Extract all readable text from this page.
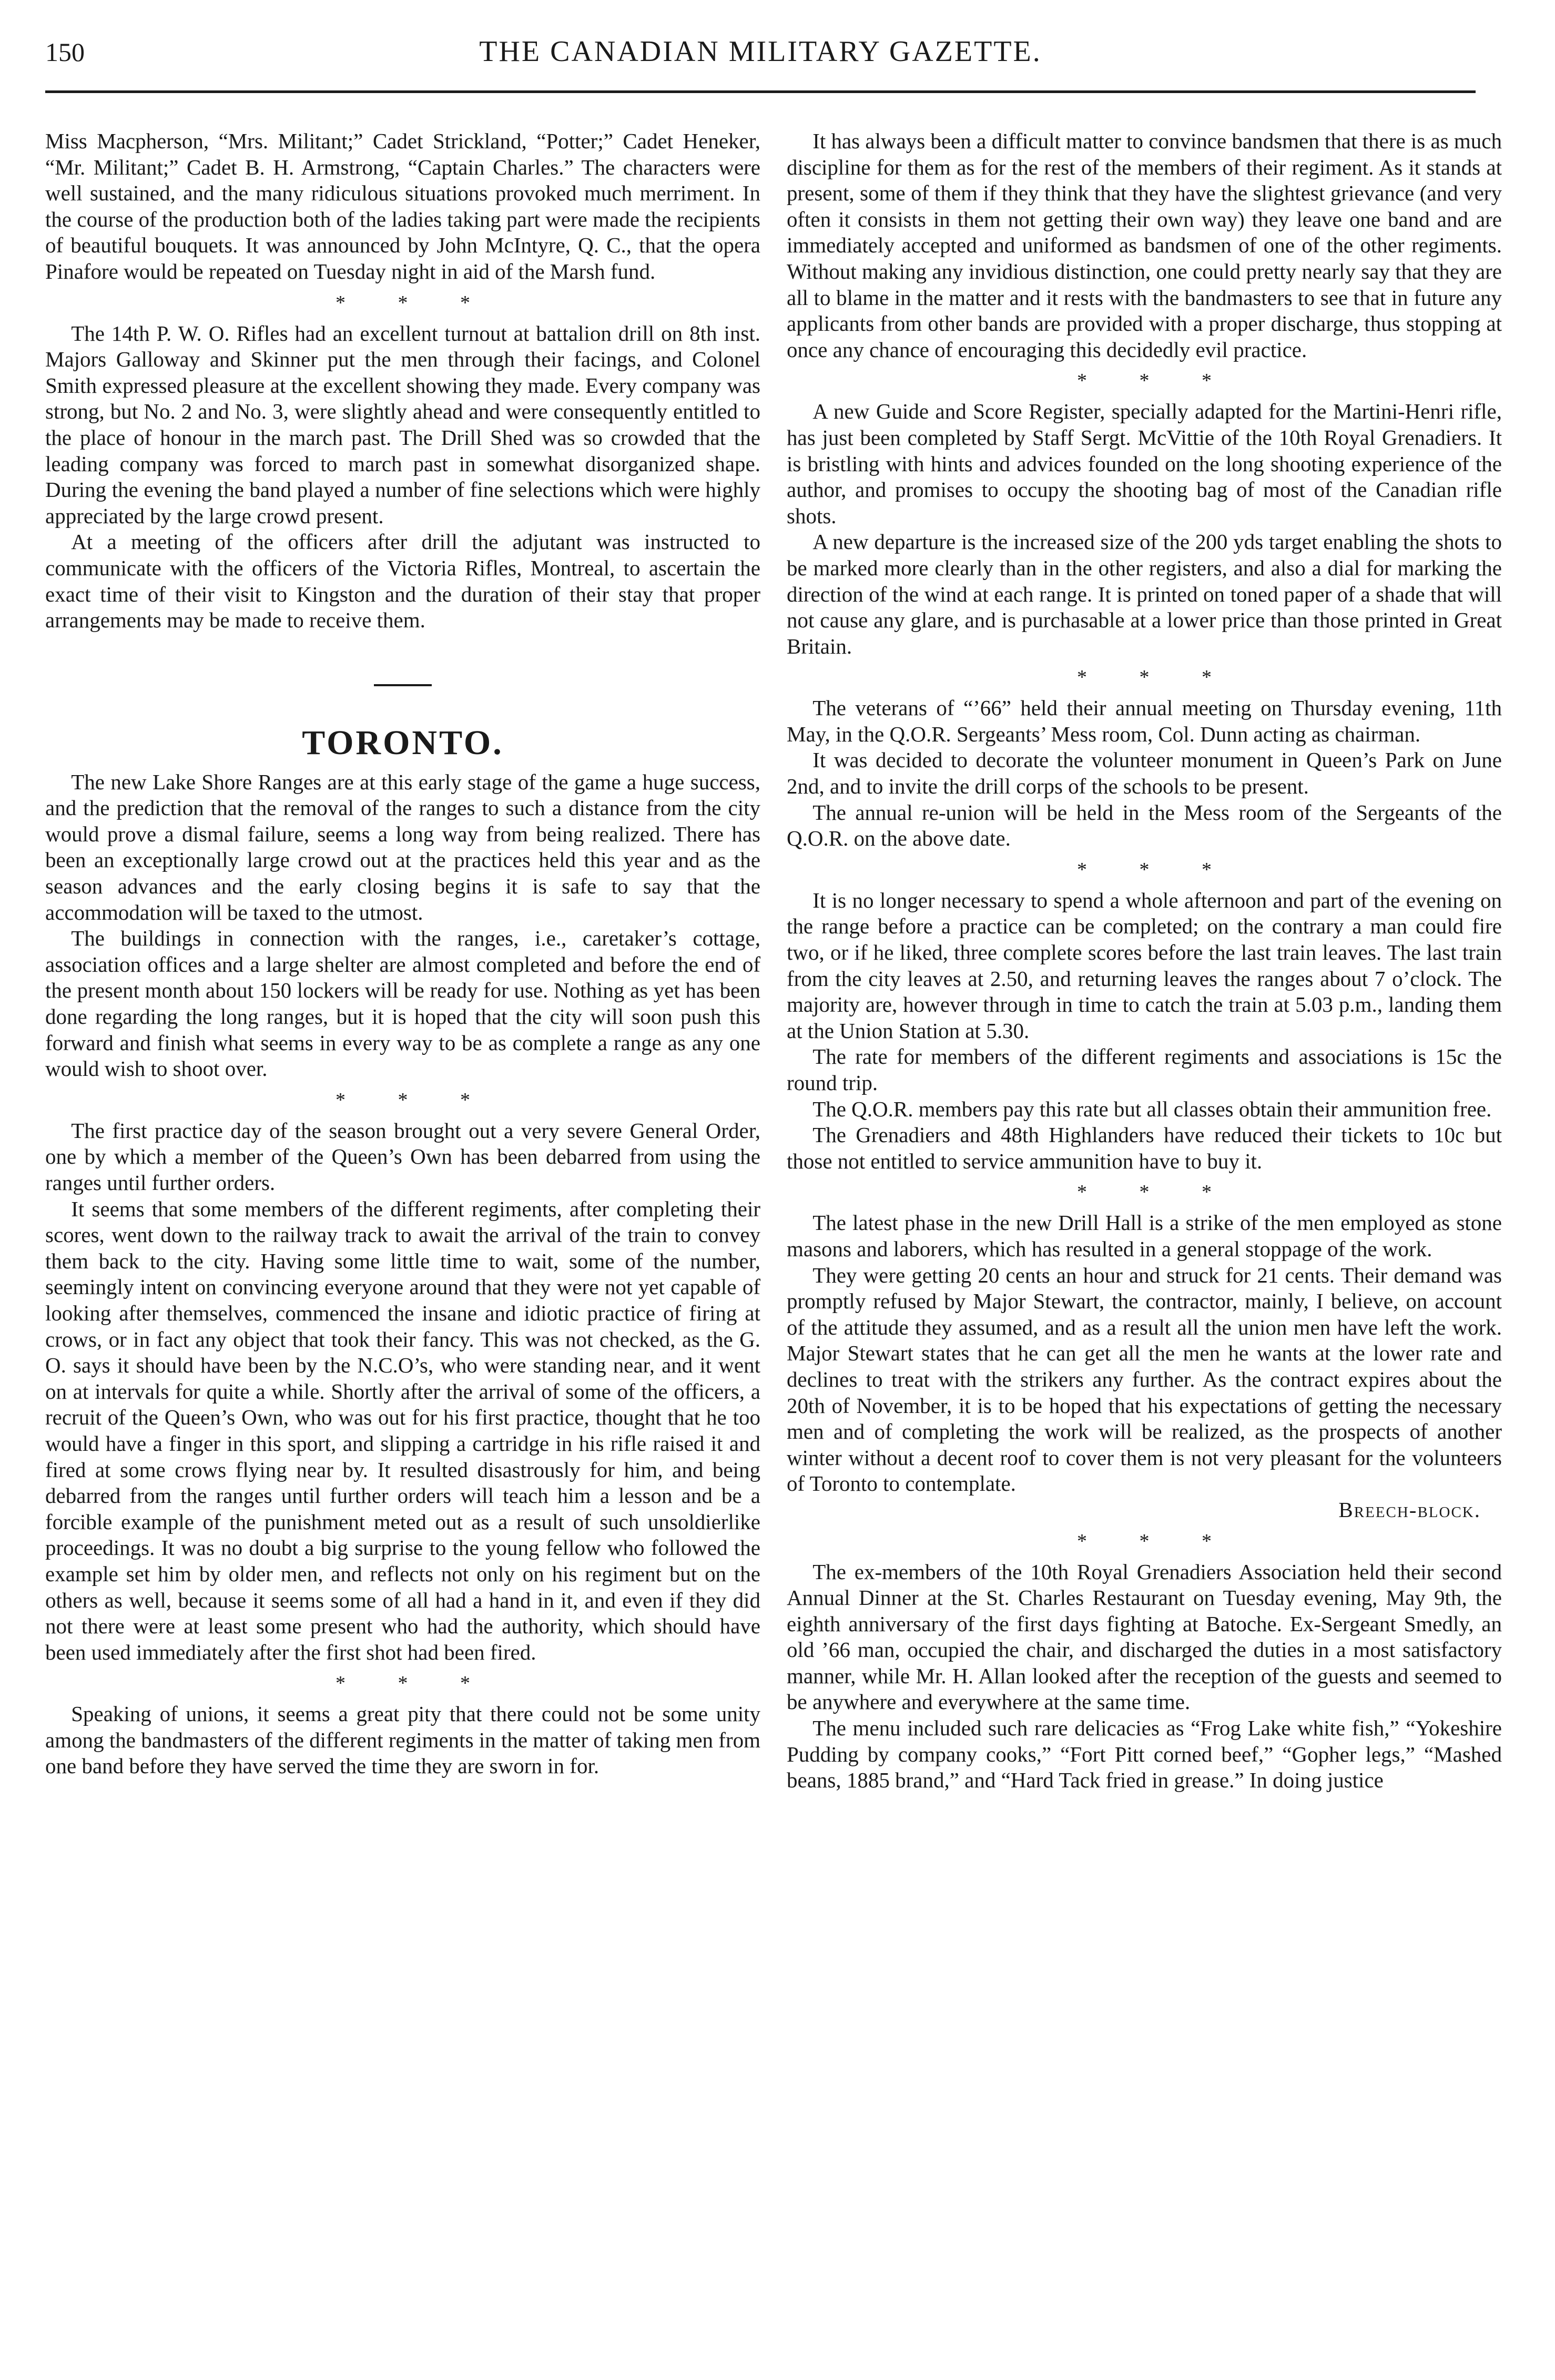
150	THE CANADIAN MILITARY GAZETTE.

Miss Macpherson, “Mrs. Militant;” Cadet Strickland, “Potter;” Cadet Heneker, “Mr. Militant;” Cadet B. H. Armstrong, “Captain Charles.” The characters were well sustained, and the many ridiculous situations provoked much merriment. In the course of the production both of the ladies taking part were made the recipients of beautiful bouquets. It was announced by John McIntyre, Q. C., that the opera Pinafore would be repeated on Tuesday night in aid of the Marsh fund.

* * *

The 14th P. W. O. Rifles had an excellent turnout at battalion drill on 8th inst. Majors Galloway and Skinner put the men through their facings, and Colonel Smith expressed pleasure at the excellent showing they made. Every company was strong, but No. 2 and No. 3, were slightly ahead and were consequently entitled to the place of honour in the march past. The Drill Shed was so crowded that the leading company was forced to march past in somewhat disorganized shape. During the evening the band played a number of fine selections which were highly appreciated by the large crowd present.

At a meeting of the officers after drill the adjutant was instructed to communicate with the officers of the Victoria Rifles, Montreal, to ascertain the exact time of their visit to Kingston and the duration of their stay that proper arrangements may be made to receive them.

TORONTO.

The new Lake Shore Ranges are at this early stage of the game a huge success, and the prediction that the removal of the ranges to such a distance from the city would prove a dismal failure, seems a long way from being realized. There has been an exceptionally large crowd out at the practices held this year and as the season advances and the early closing begins it is safe to say that the accommodation will be taxed to the utmost.

The buildings in connection with the ranges, i.e., caretaker’s cottage, association offices and a large shelter are almost completed and before the end of the present month about 150 lockers will be ready for use. Nothing as yet has been done regarding the long ranges, but it is hoped that the city will soon push this forward and finish what seems in every way to be as complete a range as any one would wish to shoot over.

* * *

The first practice day of the season brought out a very severe General Order, one by which a member of the Queen’s Own has been debarred from using the ranges until further orders.

It seems that some members of the different regiments, after completing their scores, went down to the railway track to await the arrival of the train to convey them back to the city. Having some little time to wait, some of the number, seemingly intent on convincing everyone around that they were not yet capable of looking after themselves, commenced the insane and idiotic practice of firing at crows, or in fact any object that took their fancy. This was not checked, as the G. O. says it should have been by the N.C.O’s, who were standing near, and it went on at intervals for quite a while. Shortly after the arrival of some of the officers, a recruit of the Queen’s Own, who was out for his first practice, thought that he too would have a finger in this sport, and slipping a cartridge in his rifle raised it and fired at some crows flying near by. It resulted disastrously for him, and being debarred from the ranges until further orders will teach him a lesson and be a forcible example of the punishment meted out as a result of such unsoldierlike proceedings. It was no doubt a big surprise to the young fellow who followed the example set him by older men, and reflects not only on his regiment but on the others as well, because it seems some of all had a hand in it, and even if they did not there were at least some present who had the authority, which should have been used immediately after the first shot had been fired.

* * *

Speaking of unions, it seems a great pity that there could not be some unity among the bandmasters of the different regiments in the matter of taking men from one band before they have served the time they are sworn in for.

It has always been a difficult matter to convince bandsmen that there is as much discipline for them as for the rest of the members of their regiment. As it stands at present, some of them if they think that they have the slightest grievance (and very often it consists in them not getting their own way) they leave one band and are immediately accepted and uniformed as bandsmen of one of the other regiments. Without making any invidious distinction, one could pretty nearly say that they are all to blame in the matter and it rests with the bandmasters to see that in future any applicants from other bands are provided with a proper discharge, thus stopping at once any chance of encouraging this decidedly evil practice.

* * *

A new Guide and Score Register, specially adapted for the Martini-Henri rifle, has just been completed by Staff Sergt. McVittie of the 10th Royal Grenadiers. It is bristling with hints and advices founded on the long shooting experience of the author, and promises to occupy the shooting bag of most of the Canadian rifle shots.

A new departure is the increased size of the 200 yds target enabling the shots to be marked more clearly than in the other registers, and also a dial for marking the direction of the wind at each range. It is printed on toned paper of a shade that will not cause any glare, and is purchasable at a lower price than those printed in Great Britain.

* * *

The veterans of “’66” held their annual meeting on Thursday evening, 11th May, in the Q.O.R. Sergeants’ Mess room, Col. Dunn acting as chairman.

It was decided to decorate the volunteer monument in Queen’s Park on June 2nd, and to invite the drill corps of the schools to be present.

The annual re-union will be held in the Mess room of the Sergeants of the Q.O.R. on the above date.

* * *

It is no longer necessary to spend a whole afternoon and part of the evening on the range before a practice can be completed; on the contrary a man could fire two, or if he liked, three complete scores before the last train leaves. The last train from the city leaves at 2.50, and returning leaves the ranges about 7 o’clock. The majority are, however through in time to catch the train at 5.03 p.m., landing them at the Union Station at 5.30.

The rate for members of the different regiments and associations is 15c the round trip.

The Q.O.R. members pay this rate but all classes obtain their ammunition free.

The Grenadiers and 48th Highlanders have reduced their tickets to 10c but those not entitled to service ammunition have to buy it.

* * *

The latest phase in the new Drill Hall is a strike of the men employed as stone masons and laborers, which has resulted in a general stoppage of the work.

They were getting 20 cents an hour and struck for 21 cents. Their demand was promptly refused by Major Stewart, the contractor, mainly, I believe, on account of the attitude they assumed, and as a result all the union men have left the work. Major Stewart states that he can get all the men he wants at the lower rate and declines to treat with the strikers any further. As the contract expires about the 20th of November, it is to be hoped that his expectations of getting the necessary men and of completing the work will be realized, as the prospects of another winter without a decent roof to cover them is not very pleasant for the volunteers of Toronto to contemplate.

Breech-block.
* * *

The ex-members of the 10th Royal Grenadiers Association held their second Annual Dinner at the St. Charles Restaurant on Tuesday evening, May 9th, the eighth anniversary of the first days fighting at Batoche. Ex-Sergeant Smedly, an old ’66 man, occupied the chair, and discharged the duties in a most satisfactory manner, while Mr. H. Allan looked after the reception of the guests and seemed to be anywhere and everywhere at the same time.

The menu included such rare delicacies as “Frog Lake white fish,” “Yokeshire Pudding by company cooks,” “Fort Pitt corned beef,” “Gopher legs,” “Mashed beans, 1885 brand,” and “Hard Tack fried in grease.” In doing justice
